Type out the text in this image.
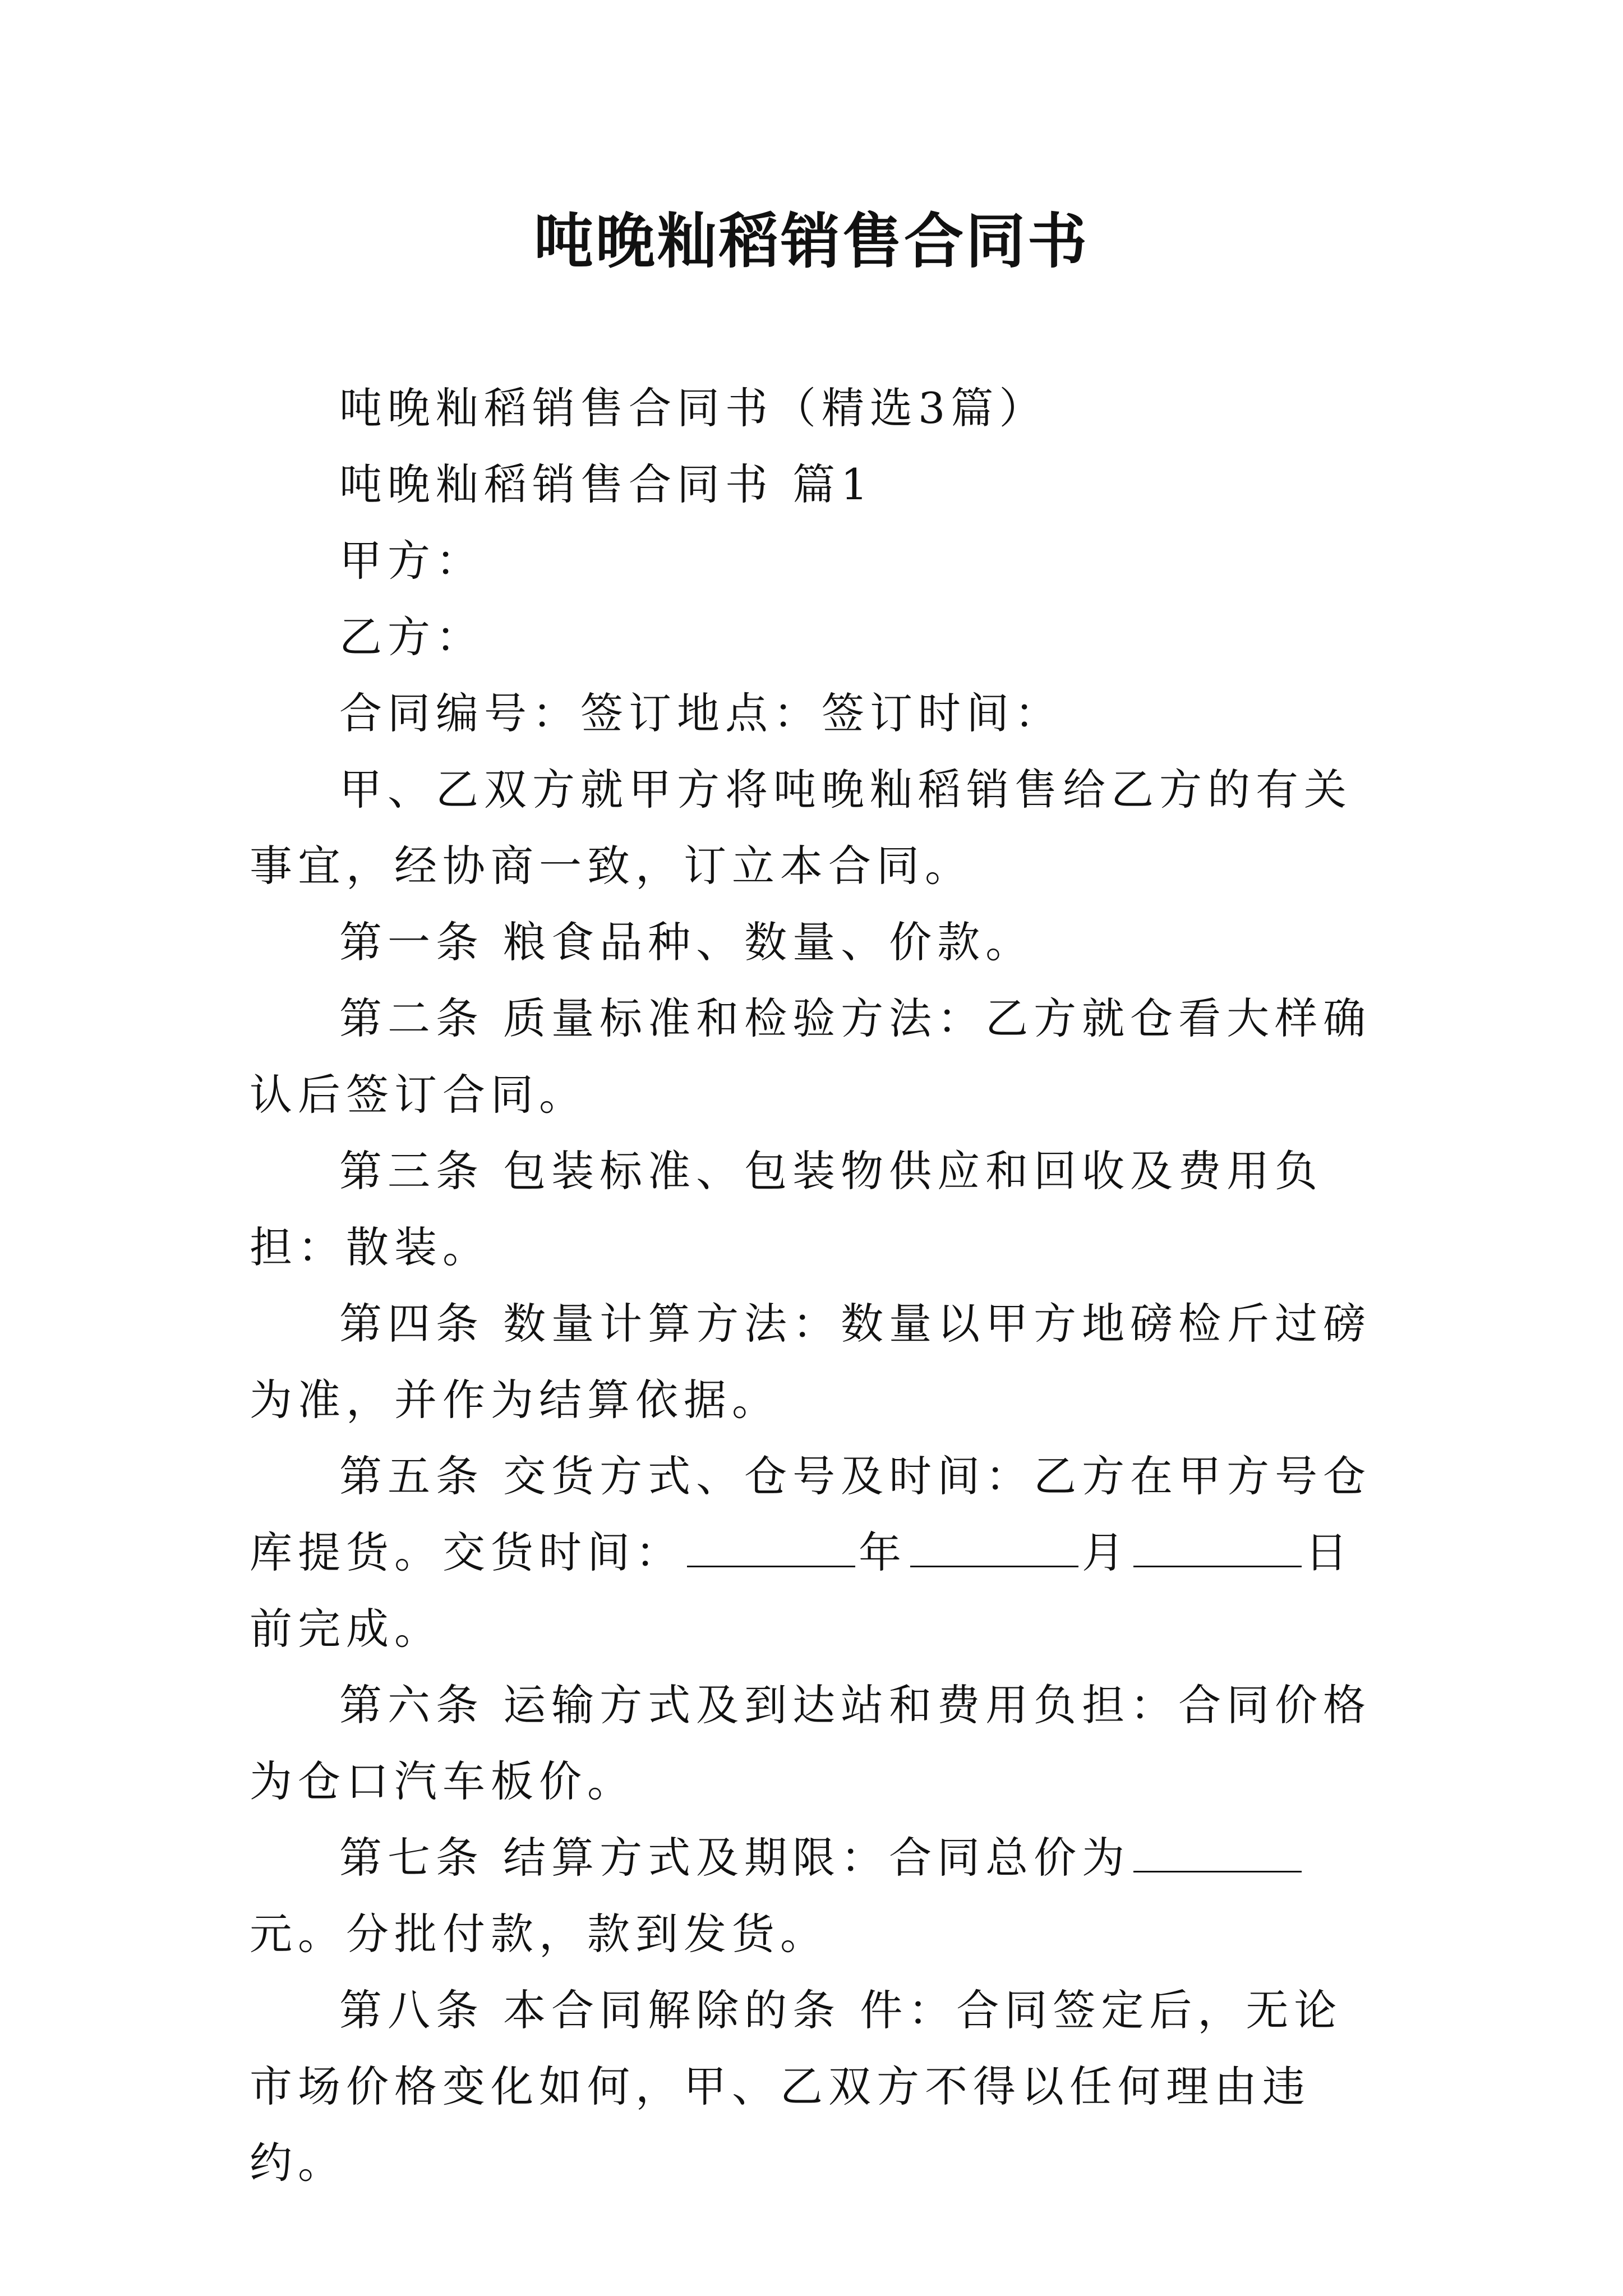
吨晚籼稻销售合同书

吨晚籼稻销售合同书（精选3篇）

吨晚籼稻销售合同书 篇1

甲方：

乙方：

合同编号：签订地点：签订时间：

甲、乙双方就甲方将吨晚籼稻销售给乙方的有关事宜，经协商一致，订立本合同。

第一条 粮食品种、数量、价款。

第二条 质量标准和检验方法：乙方就仓看大样确认后签订合同。

第三条 包装标准、包装物供应和回收及费用负担：散装。

第四条 数量计算方法：数量以甲方地磅检斤过磅为准，并作为结算依据。

第五条 交货方式、仓号及时间：乙方在甲方号仓库提货。交货时间：	年	月	日前完成。

第六条 运输方式及到达站和费用负担：合同价格为仓口汽车板价。

第七条 结算方式及期限：合同总价为元。分批付款，款到发货。

第八条 本合同解除的条 件：合同签定后，无论市场价格变化如何，甲、乙双方不得以任何理由违约。
